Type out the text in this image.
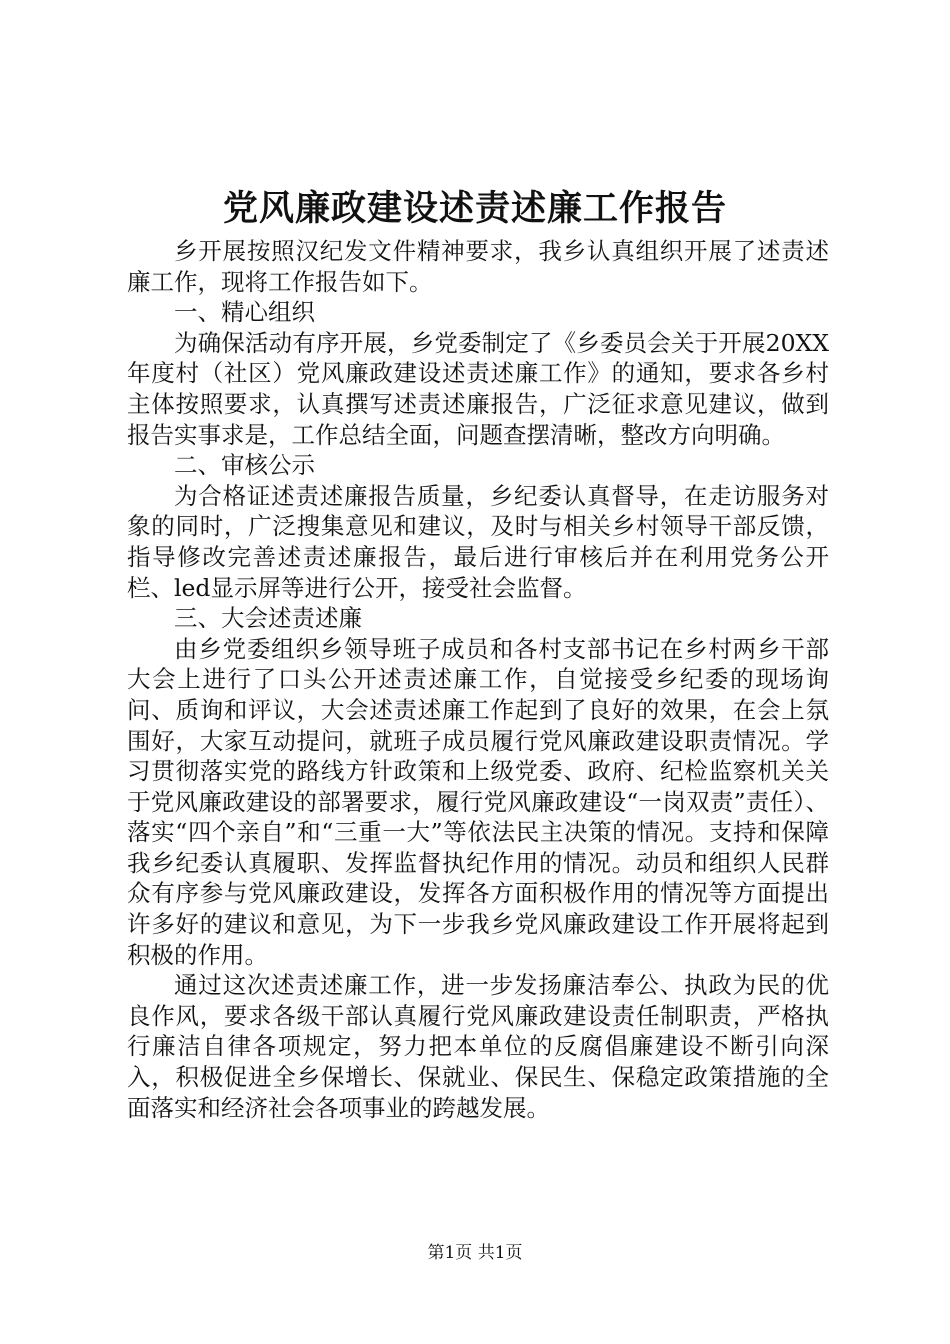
党风廉政建设述责述廉工作报告

乡开展按照汉纪发文件精神要求，我乡认真组织开展了述责述廉工作，现将工作报告如下。

一、精心组织

为确保活动有序开展，乡党委制定了《乡委员会关于开展20XX年度村（社区）党风廉政建设述责述廉工作》的通知，要求各乡村主体按照要求，认真撰写述责述廉报告，广泛征求意见建议，做到报告实事求是，工作总结全面，问题查摆清晰，整改方向明确。

二、审核公示

为合格证述责述廉报告质量，乡纪委认真督导，在走访服务对象的同时，广泛搜集意见和建议，及时与相关乡村领导干部反馈，指导修改完善述责述廉报告，最后进行审核后并在利用党务公开栏、led显示屏等进行公开，接受社会监督。

三、大会述责述廉

由乡党委组织乡领导班子成员和各村支部书记在乡村两乡干部大会上进行了口头公开述责述廉工作，自觉接受乡纪委的现场询问、质询和评议，大会述责述廉工作起到了良好的效果，在会上氛围好，大家互动提问，就班子成员履行党风廉政建设职责情况。学习贯彻落实党的路线方针政策和上级党委、政府、纪检监察机关关于党风廉政建设的部署要求，履行党风廉政建设“一岗双责”责任）、落实“四个亲自”和“三重一大”等依法民主决策的情况。支持和保障我乡纪委认真履职、发挥监督执纪作用的情况。动员和组织人民群众有序参与党风廉政建设，发挥各方面积极作用的情况等方面提出许多好的建议和意见，为下一步我乡党风廉政建设工作开展将起到积极的作用。

通过这次述责述廉工作，进一步发扬廉洁奉公、执政为民的优良作风，要求各级干部认真履行党风廉政建设责任制职责，严格执行廉洁自律各项规定，努力把本单位的反腐倡廉建设不断引向深入，积极促进全乡保增长、保就业、保民生、保稳定政策措施的全面落实和经济社会各项事业的跨越发展。

第1页 共1页
